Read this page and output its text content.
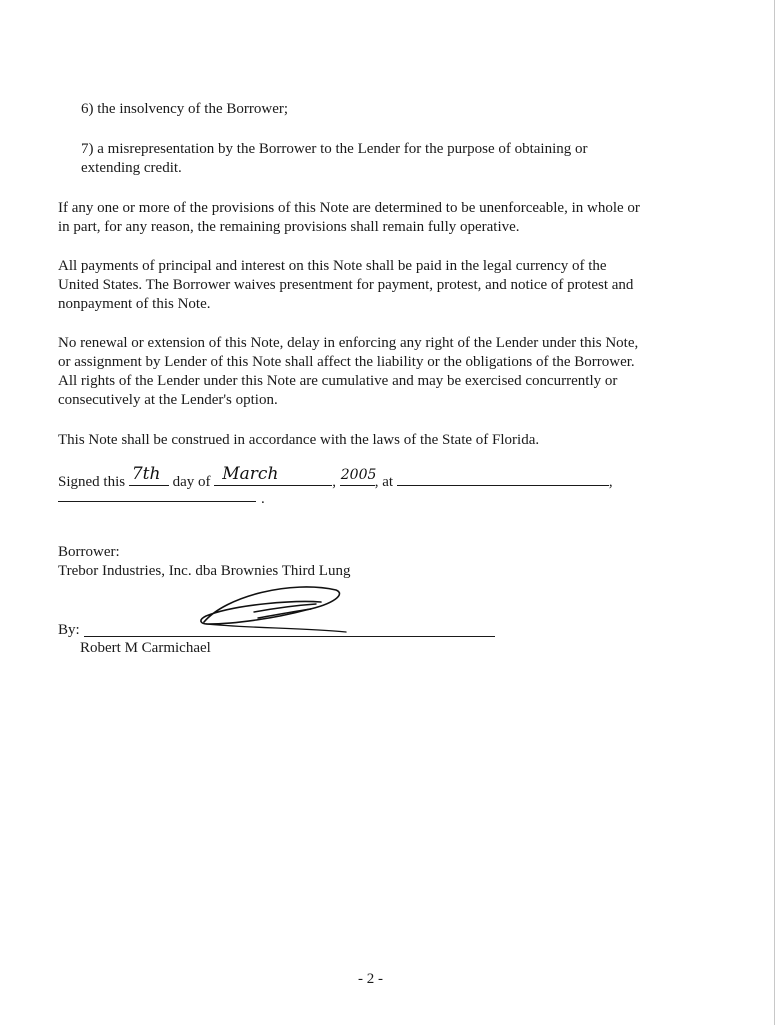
6) the insolvency of the Borrower;

7) a misrepresentation by the Borrower to the Lender for the purpose of obtaining or
extending credit.

If any one or more of the provisions of this Note are determined to be unenforceable, in whole or
in part, for any reason, the remaining provisions shall remain fully operative.

All payments of principal and interest on this Note shall be paid in the legal currency of the
United States. The Borrower waives presentment for payment, protest, and notice of protest and
nonpayment of this Note.

No renewal or extension of this Note, delay in enforcing any right of the Lender under this Note,
or assignment by Lender of this Note shall affect the liability or the obligations of the Borrower.
All rights of the Lender under this Note are cumulative and may be exercised concurrently or
consecutively at the Lender's option.

This Note shall be construed in accordance with the laws of the State of Florida.

Signed this 7th day of March	, 2005
, at	,
.

Borrower:
Trebor Industries, Inc. dba Brownies Third Lung

By:
Robert M Carmichael
- 2 -
